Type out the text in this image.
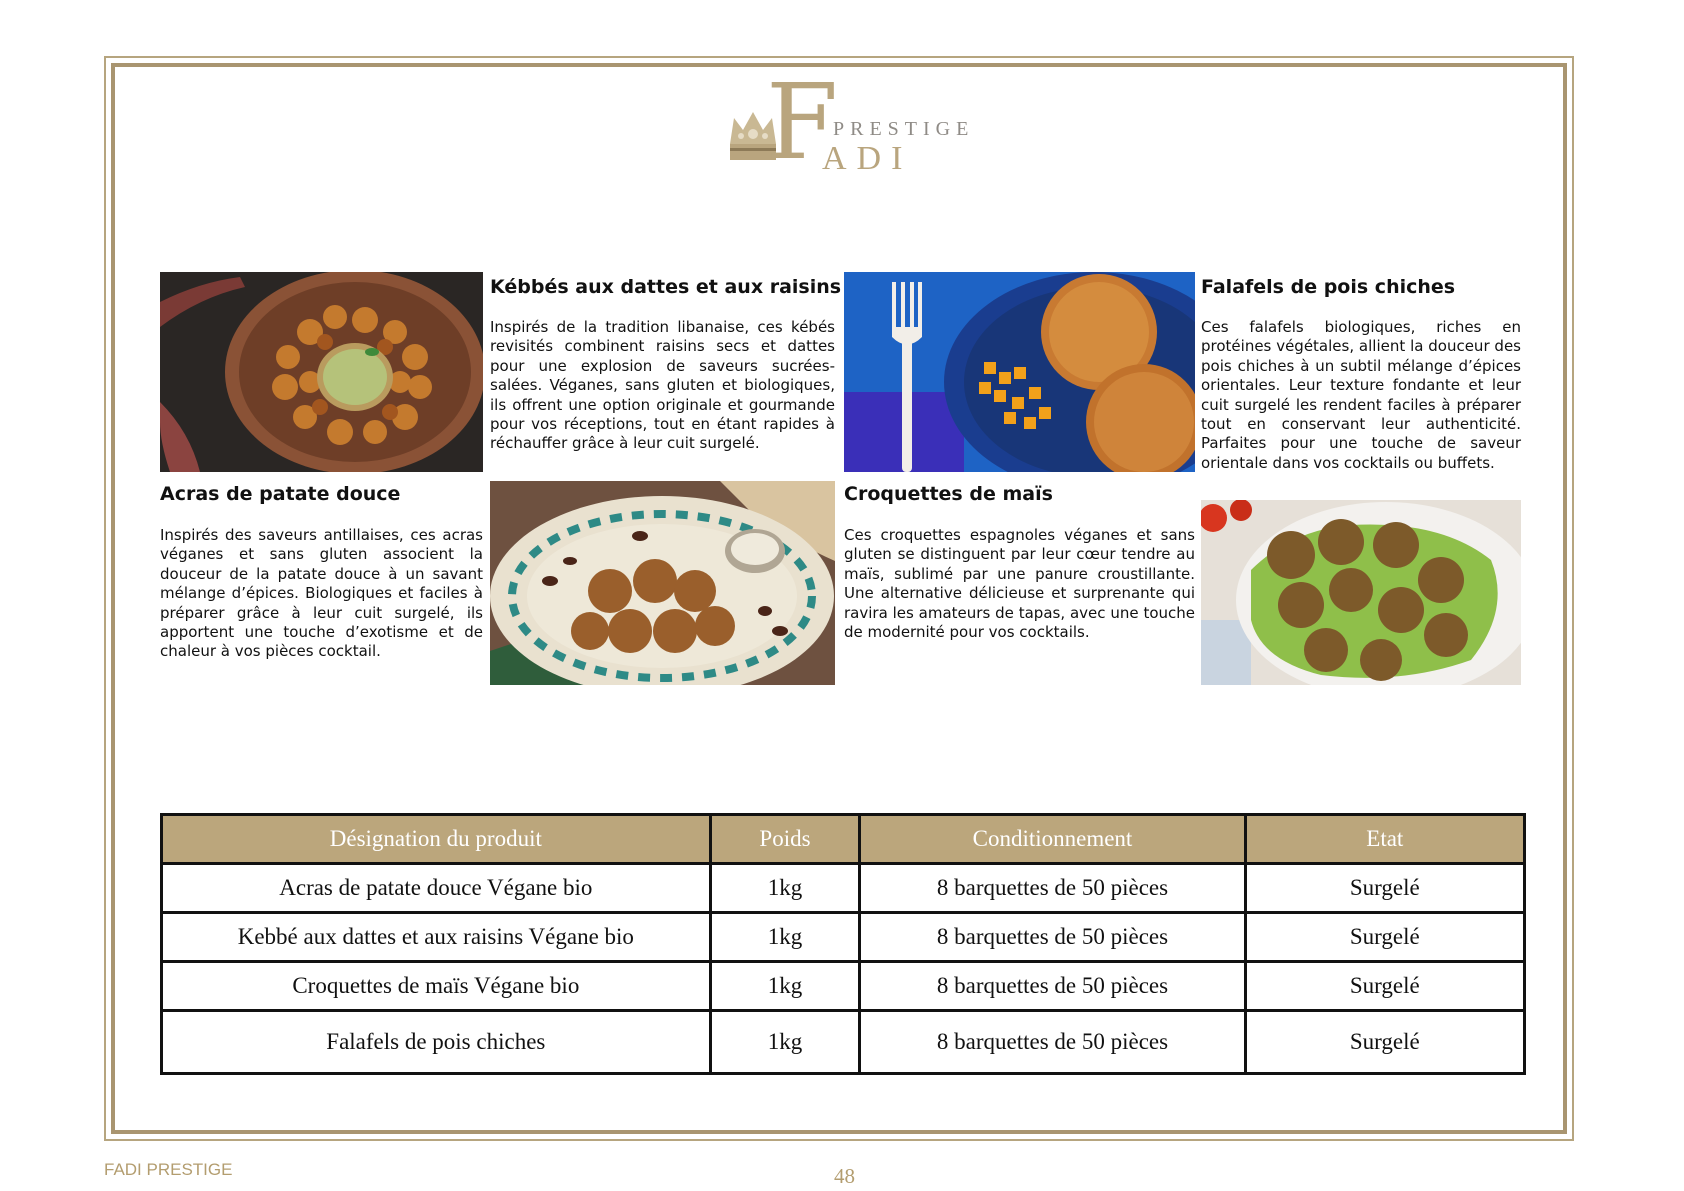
F
PRESTIGE
ADI
Acras de patate douce

Inspirés des saveurs antillaises, ces acras véganes et sans gluten associent la douceur de la patate douce à un savant mélange d’épices. Biologiques et faciles à préparer grâce à leur cuit surgelé, ils apportent une touche d’exotisme et de chaleur à vos pièces cocktail.

Kébbés aux dattes et aux raisins

Inspirés de la tradition libanaise, ces kébés revisités combinent raisins secs et dattes pour une explosion de saveurs sucrées-salées. Véganes, sans gluten et biologiques, ils offrent une option originale et gourmande pour vos réceptions, tout en étant rapides à réchauffer grâce à leur cuit surgelé.

Croquettes de maïs

Ces croquettes espagnoles véganes et sans gluten se distinguent par leur cœur tendre au maïs, sublimé par une panure croustillante. Une alternative délicieuse et surprenante qui ravira les amateurs de tapas, avec une touche de modernité pour vos cocktails.

Falafels de pois chiches

Ces falafels biologiques, riches en protéines végétales, allient la douceur des pois chiches à un subtil mélange d’épices orientales. Leur texture fondante et leur cuit surgelé les rendent faciles à préparer tout en conservant leur authenticité. Parfaites pour une touche de saveur orientale dans vos cocktails ou buffets.

Désignation du produit	Poids	Conditionnement	Etat
Acras de patate douce Végane bio	1kg	8 barquettes de 50 pièces	Surgelé
Kebbé aux dattes et aux raisins Végane bio	1kg	8 barquettes de 50 pièces	Surgelé
Croquettes de maïs Végane bio	1kg	8 barquettes de 50 pièces	Surgelé
Falafels de pois chiches	1kg	8 barquettes de 50 pièces	Surgelé
FADI PRESTIGE	48
